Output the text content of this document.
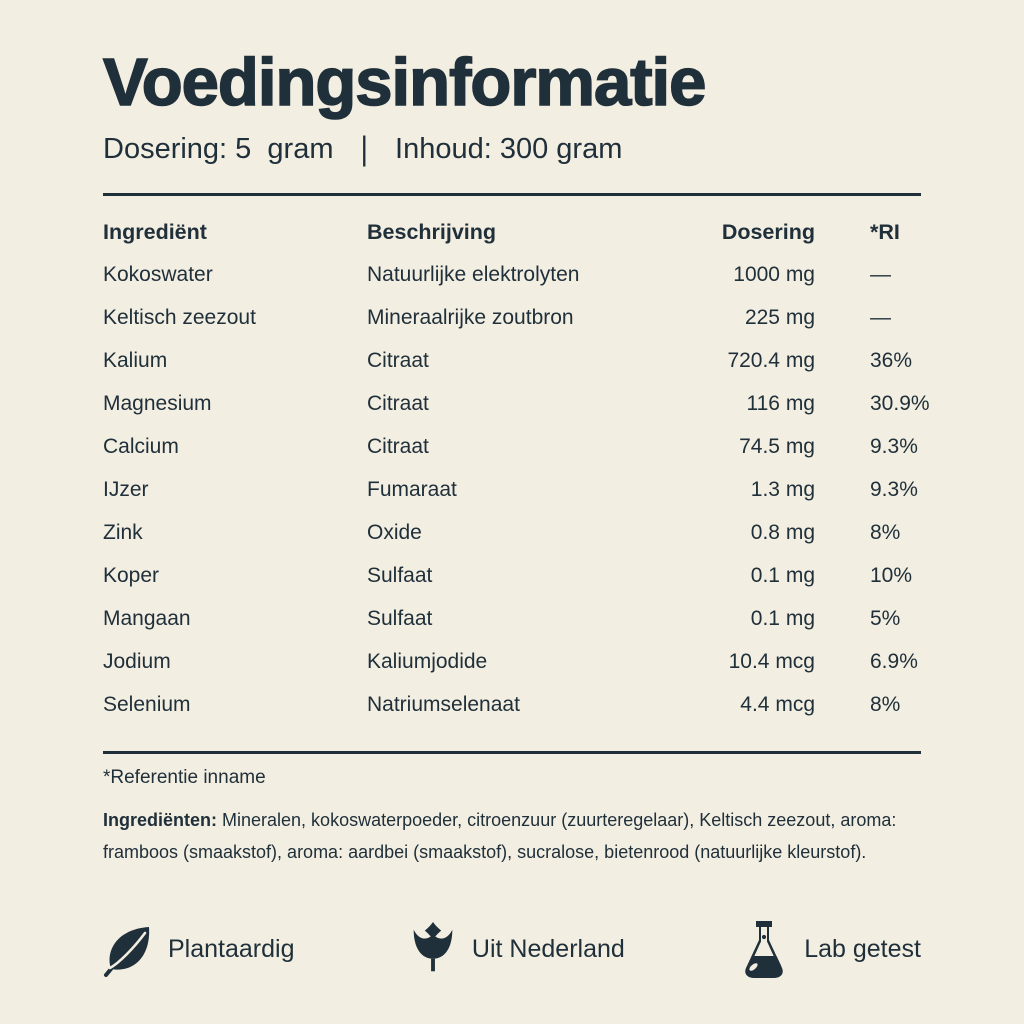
Voedingsinformatie
Dosering: 5  gram | Inhoud: 300 gram
Ingrediënt	Beschrijving	Dosering	*RI
Kokoswater	Natuurlijke elektrolyten	1000 mg	—
Keltisch zeezout	Mineraalrijke zoutbron	225 mg	—
Kalium	Citraat	720.4 mg	36%
Magnesium	Citraat	116 mg	30.9%
Calcium	Citraat	74.5 mg	9.3%
IJzer	Fumaraat	1.3 mg	9.3%
Zink	Oxide	0.8 mg	8%
Koper	Sulfaat	0.1 mg	10%
Mangaan	Sulfaat	0.1 mg	5%
Jodium	Kaliumjodide	10.4 mcg	6.9%
Selenium	Natriumselenaat	4.4 mcg	8%
*Referentie inname

Ingrediënten: Mineralen, kokoswaterpoeder, citroenzuur (zuurteregelaar), Keltisch zeezout, aroma: framboos (smaakstof), aroma: aardbei (smaakstof), sucralose, bietenrood (natuurlijke kleurstof).

Plantaardig	Uit Nederland	Lab getest
